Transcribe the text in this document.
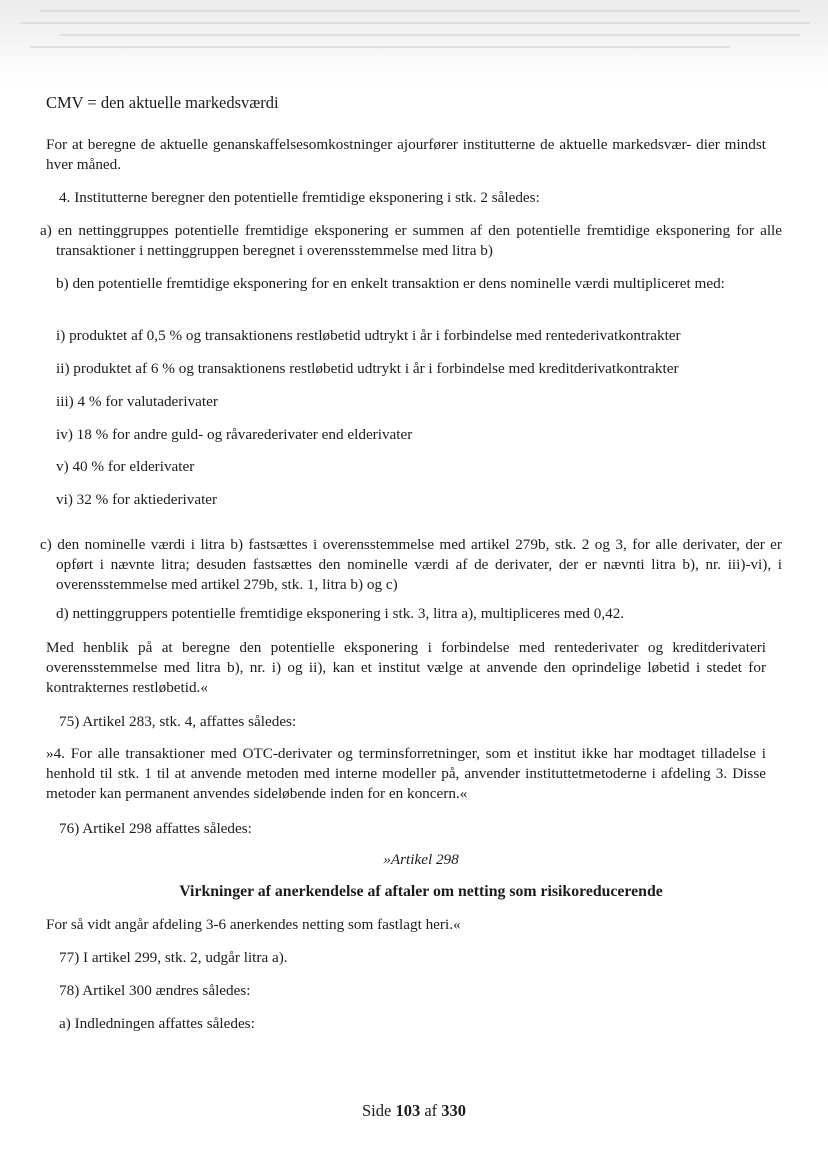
CMV = den aktuelle markedsværdi

For at beregne de aktuelle genanskaffelsesomkostninger ajourfører institutterne de aktuelle markedsvær- dier mindst hver måned.

4. Institutterne beregner den potentielle fremtidige eksponering i stk. 2 således:

a) en nettinggruppes potentielle fremtidige eksponering er summen af den potentielle fremtidige eksponering for alle transaktioner i nettinggruppen beregnet i overensstemmelse med litra b)

b) den potentielle fremtidige eksponering for en enkelt transaktion er dens nominelle værdi multipliceret med:

i) produktet af 0,5 % og transaktionens restløbetid udtrykt i år i forbindelse med rentederivatkontrakter

ii) produktet af 6 % og transaktionens restløbetid udtrykt i år i forbindelse med kreditderivatkontrakter

iii) 4 % for valutaderivater

iv) 18 % for andre guld- og råvarederivater end elderivater

v) 40 % for elderivater

vi) 32 % for aktiederivater

c) den nominelle værdi i litra b) fastsættes i overensstemmelse med artikel 279b, stk. 2 og 3, for alle derivater, der er opført i nævnte litra; desuden fastsættes den nominelle værdi af de derivater, der er nævnti litra b), nr. iii)-vi), i overensstemmelse med artikel 279b, stk. 1, litra b) og c)

d) nettinggruppers potentielle fremtidige eksponering i stk. 3, litra a), multipliceres med 0,42.

Med henblik på at beregne den potentielle eksponering i forbindelse med rentederivater og kreditderivateri overensstemmelse med litra b), nr. i) og ii), kan et institut vælge at anvende den oprindelige løbetid i stedet for kontrakternes restløbetid.«

75) Artikel 283, stk. 4, affattes således:

»4. For alle transaktioner med OTC-derivater og terminsforretninger, som et institut ikke har modtaget tilladelse i henhold til stk. 1 til at anvende metoden med interne modeller på, anvender instituttetmetoderne i afdeling 3. Disse metoder kan permanent anvendes sideløbende inden for en koncern.«

76) Artikel 298 affattes således:

»Artikel 298

Virkninger af anerkendelse af aftaler om netting som risikoreducerende

For så vidt angår afdeling 3-6 anerkendes netting som fastlagt heri.«

77) I artikel 299, stk. 2, udgår litra a).

78) Artikel 300 ændres således:

a) Indledningen affattes således:

Side 103 af 330
